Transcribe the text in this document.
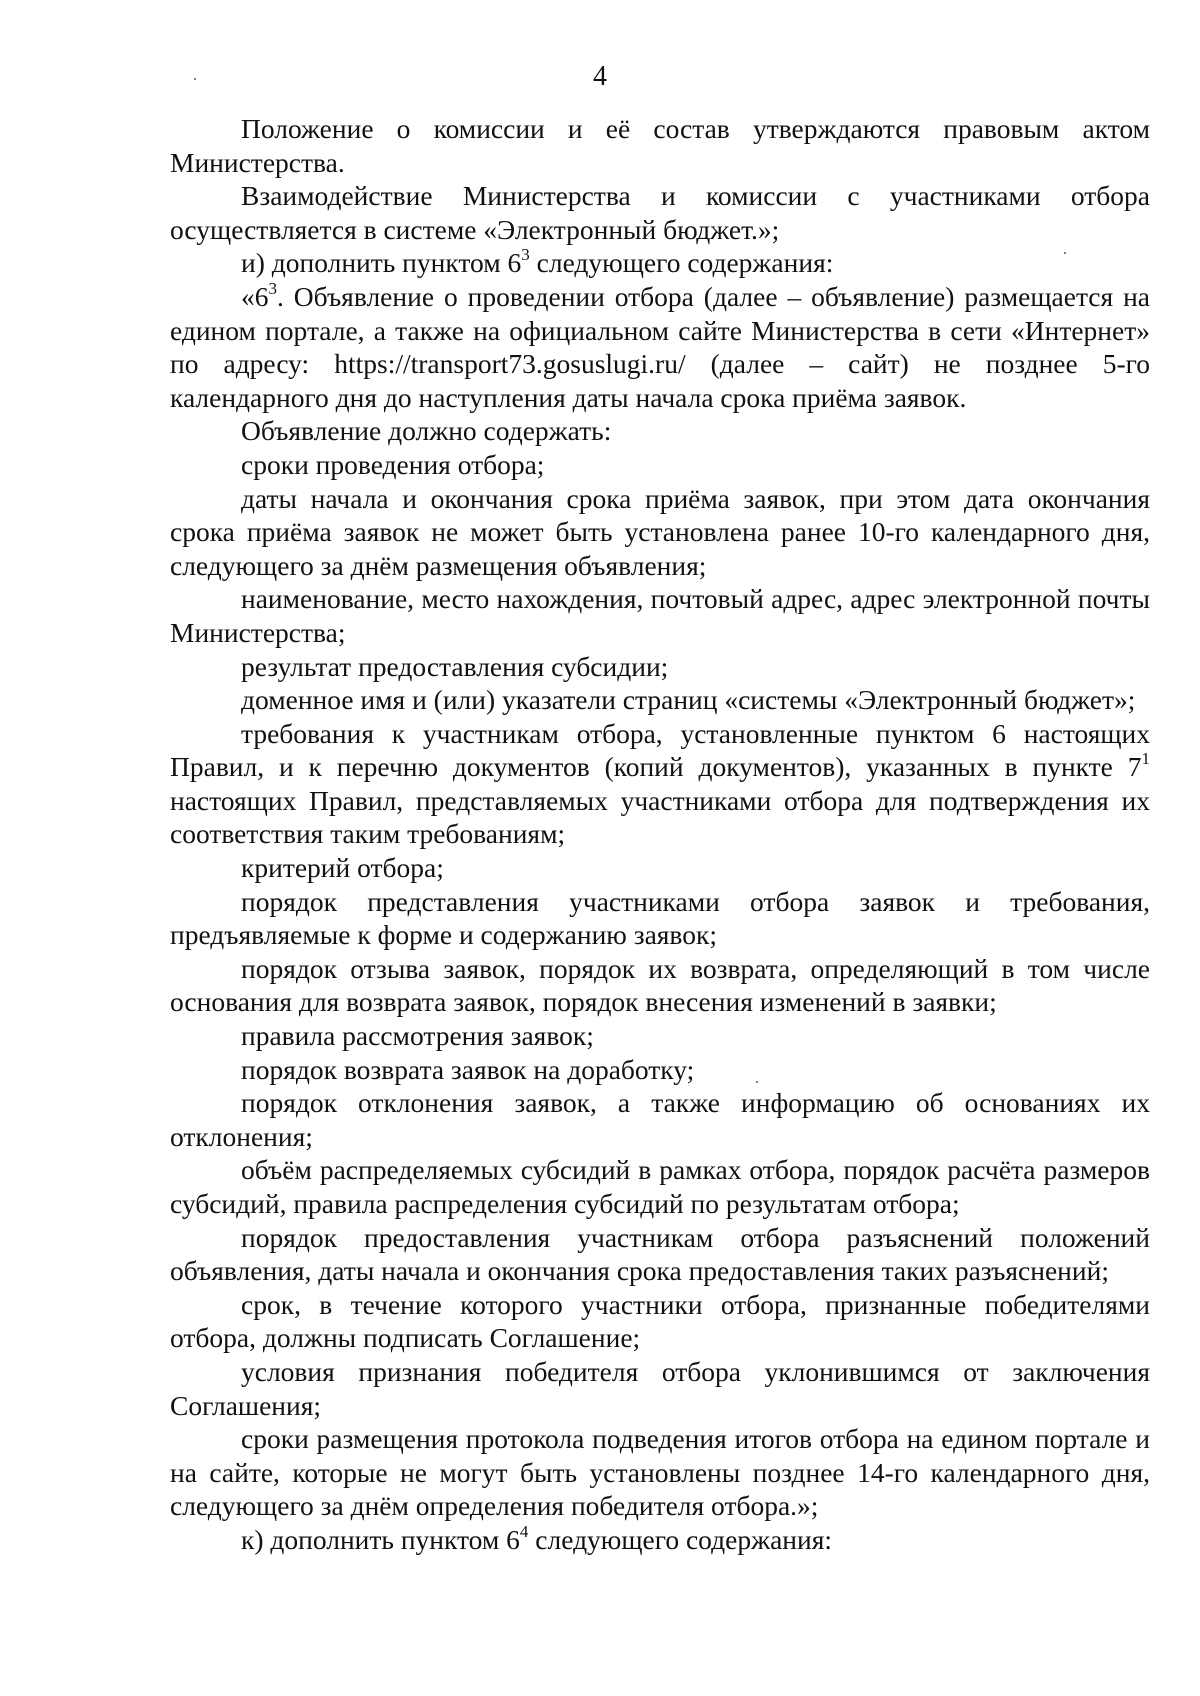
4

Положение о комиссии и её состав утверждаются правовым актом Министерства.

Взаимодействие Министерства и комиссии с участниками отбора осуществляется в системе «Электронный бюджет.»;

и) дополнить пунктом $6^3$ следующего содержания:

«$6^3$. Объявление о проведении отбора (далее – объявление) размещается на едином портале, а также на официальном сайте Министерства в сети «Интернет» по адресу: https://transport73.gosuslugi.ru/ (далее – сайт) не позднее 5-го календарного дня до наступления даты начала срока приёма заявок.

Объявление должно содержать:

сроки проведения отбора;

даты начала и окончания срока приёма заявок, при этом дата окончания срока приёма заявок не может быть установлена ранее 10-го календарного дня, следующего за днём размещения объявления;

наименование, место нахождения, почтовый адрес, адрес электронной почты Министерства;

результат предоставления субсидии;

доменное имя и (или) указатели страниц «системы «Электронный бюджет»;

требования к участникам отбора, установленные пунктом 6 настоящих Правил, и к перечню документов (копий документов), указанных в пункте $7^1$ настоящих Правил, представляемых участниками отбора для подтверждения их соответствия таким требованиям;

критерий отбора;

порядок представления участниками отбора заявок и требования, предъявляемые к форме и содержанию заявок;

порядок отзыва заявок, порядок их возврата, определяющий в том числе основания для возврата заявок, порядок внесения изменений в заявки;

правила рассмотрения заявок;

порядок возврата заявок на доработку;

порядок отклонения заявок, а также информацию об основаниях их отклонения;

объём распределяемых субсидий в рамках отбора, порядок расчёта размеров субсидий, правила распределения субсидий по результатам отбора;

порядок предоставления участникам отбора разъяснений положений объявления, даты начала и окончания срока предоставления таких разъяснений;

срок, в течение которого участники отбора, признанные победителями отбора, должны подписать Соглашение;

условия признания победителя отбора уклонившимся от заключения Соглашения;

сроки размещения протокола подведения итогов отбора на едином портале и на сайте, которые не могут быть установлены позднее 14-го календарного дня, следующего за днём определения победителя отбора.»;

к) дополнить пунктом $6^4$ следующего содержания:
